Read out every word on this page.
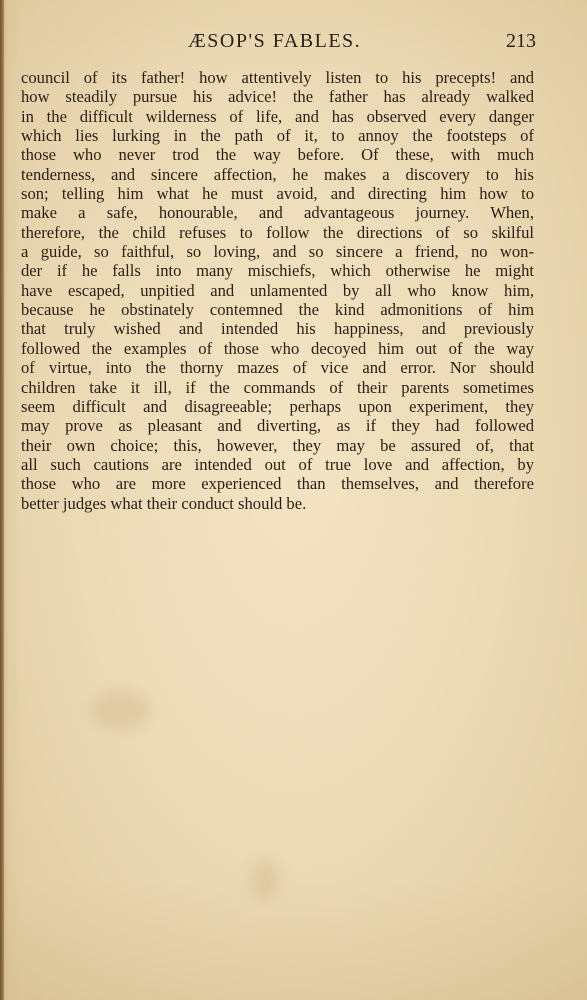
ÆSOP'S FABLES.	213
council of its father! how attentively listen to his precepts! and
how steadily pursue his advice! the father has already walked
in the difficult wilderness of life, and has observed every danger
which lies lurking in the path of it, to annoy the footsteps of
those who never trod the way before. Of these, with much
tenderness, and sincere affection, he makes a discovery to his
son; telling him what he must avoid, and directing him how to
make a safe, honourable, and advantageous journey. When,
therefore, the child refuses to follow the directions of so skilful
a guide, so faithful, so loving, and so sincere a friend, no won-
der if he falls into many mischiefs, which otherwise he might
have escaped, unpitied and unlamented by all who know him,
because he obstinately contemned the kind admonitions of him
that truly wished and intended his happiness, and previously
followed the examples of those who decoyed him out of the way
of virtue, into the thorny mazes of vice and error. Nor should
children take it ill, if the commands of their parents sometimes
seem difficult and disagreeable; perhaps upon experiment, they
may prove as pleasant and diverting, as if they had followed
their own choice; this, however, they may be assured of, that
all such cautions are intended out of true love and affection, by
those who are more experienced than themselves, and therefore
better judges what their conduct should be.
